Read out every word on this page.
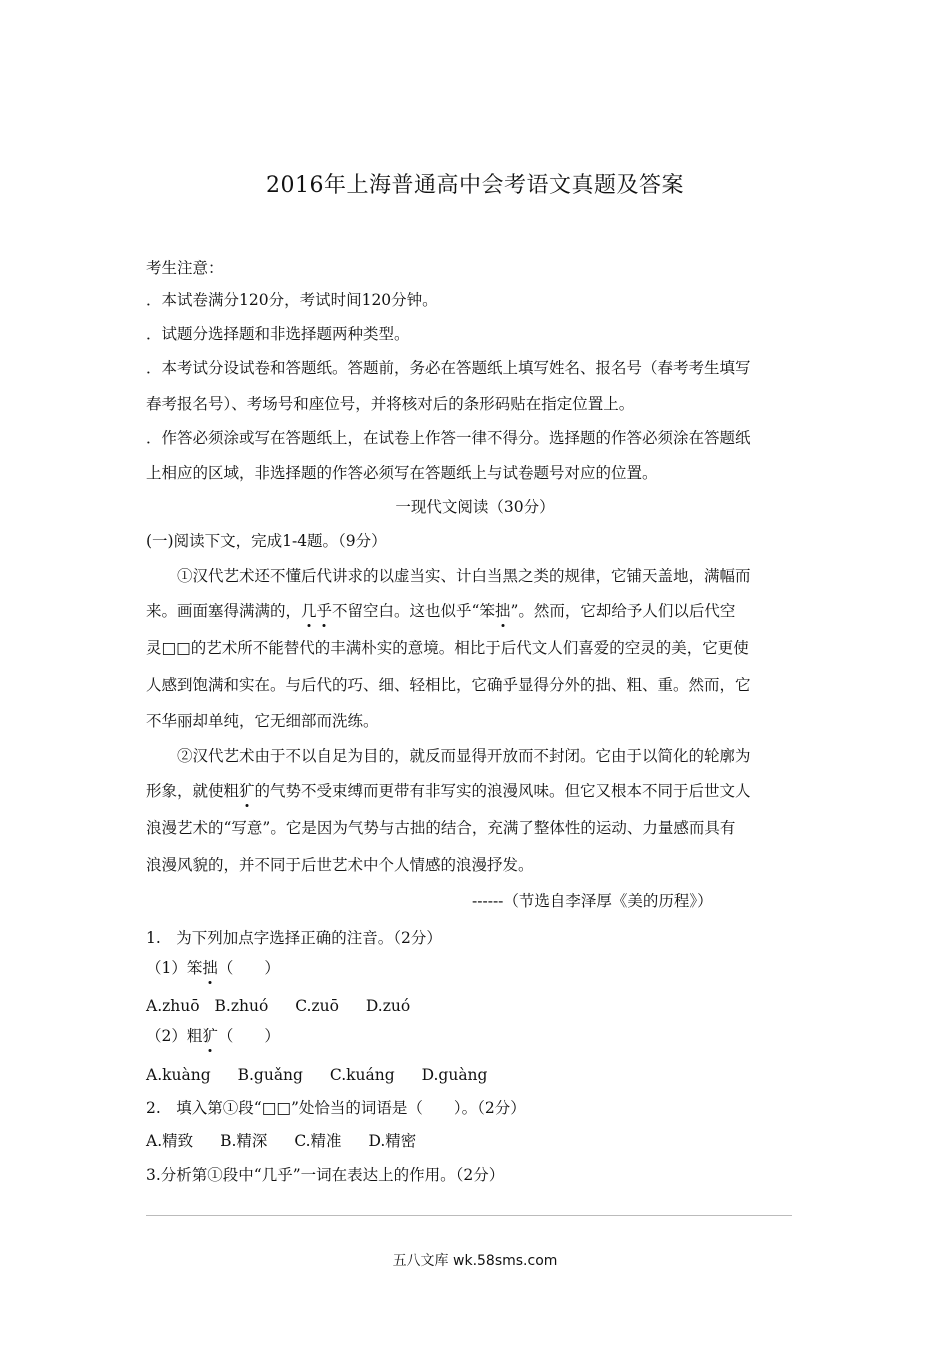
2016年上海普通高中会考语文真题及答案
考生注意：
．本试卷满分120分，考试时间120分钟。
．试题分选择题和非选择题两种类型。
．本考试分设试卷和答题纸。答题前，务必在答题纸上填写姓名、报名号（春考考生填写
春考报名号）、考场号和座位号，并将核对后的条形码贴在指定位置上。
．作答必须涂或写在答题纸上，在试卷上作答一律不得分。选择题的作答必须涂在答题纸
上相应的区域，非选择题的作答必须写在答题纸上与试卷题号对应的位置。
一现代文阅读（30分）
(一)阅读下文，完成1-4题。（9分）
①汉代艺术还不懂后代讲求的以虚当实、计白当黑之类的规律，它铺天盖地，满幅而
来。画面塞得满满的，几乎不留空白。这也似乎“笨拙”。然而，它却给予人们以后代空
灵□□的艺术所不能替代的丰满朴实的意境。相比于后代文人们喜爱的空灵的美，它更使
人感到饱满和实在。与后代的巧、细、轻相比，它确乎显得分外的拙、粗、重。然而，它
不华丽却单纯，它无细部而洗练。
②汉代艺术由于不以自足为目的，就反而显得开放而不封闭。它由于以简化的轮廓为
形象，就使粗犷的气势不受束缚而更带有非写实的浪漫风味。但它又根本不同于后世文人
浪漫艺术的“写意”。它是因为气势与古拙的结合，充满了整体性的运动、力量感而具有
浪漫风貌的，并不同于后世艺术中个人情感的浪漫抒发。
------（节选自李泽厚《美的历程》）
1.　为下列加点字选择正确的注音。（2分）
（1）笨拙（　　）
A.zhuō B.zhuó C.zuō D.zuó
（2）粗犷（　　）
A.kuàng B.guǎng C.kuáng D.guàng
2.　填入第①段“□□”处恰当的词语是（　　）。（2分）
A.精致 B.精深 C.精准 D.精密
3.分析第①段中“几乎”一词在表达上的作用。（2分）
五八文库 wk.58sms.com
